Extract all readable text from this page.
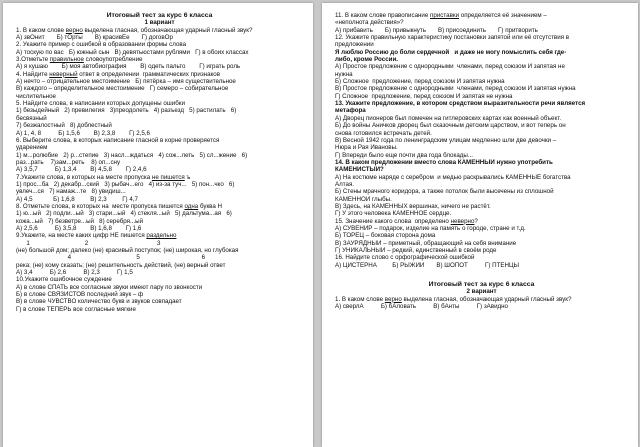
Итоговый тест за курс 6 класса

1 вариант

1. В каком слове верно выделена гласная, обозначающая ударный гласный звук?

А) звОнит       Б) тОрты       В) красивЕе       Г) договОр

2. Укажите пример с ошибкой в образовании формы слова

А) тоскую по вас   Б) южный сын   В) девятьюстами рублями   Г) в обоих классах

3.Отметьте правильное словоупотребление

А) я кушаю        Б) моя автобиография        В) одеть пальто        Г) играть роль

4. Найдите неверный ответ в определении  грамматических признаков

А) нечто – отрицательное местоимение   Б) пятёрка – имя существительное

В) каждого – определительное местоимение   Г) семеро – собирательное

числительное

5. Найдите слова, в написании которых допущены ошибки

1) безыдейный   2) превилегия   3)преодолеть   4) разъезд   5) растилать   6)

бесвязный

7) безжалостный   8) доблестный

А) 1, 4, 8          Б) 1,5,6        В) 2,3,8        Г) 2,5,6

6. Выберите слова, в которых написание гласной в корне проверяется

ударением

1) м...ролюбие   2) р...степие   3) насл...ждаться   4) сож...леть   5) сл...жение   6)

раз...рать    7)зам...реть    8) оп...сну

А) 3,5,7          Б) 1,3,4        В) 4,5,8        Г) 2,4,6

7.Укажите слова, в которых на месте пропуска не пишется ъ

1) прос...ба   2) декабр...ский   3) рыбач...его   4) из-за туч...   5) пон...чко   6)

увлеч...ся   7) намаж...те   8) увидиш...

А) 4,5            Б) 1,6,8         В) 2,3         Г) 4,7

8. Отметьте слова, в которых на  месте пропуска пишется одна буква Н

1) ю...ый   2) подли...ый   3) стари...ый   4) стекля...ый   5) дальтума...ая   6)

кожа...ый   7) безветре...ый   8) серебря...ый

А) 2,5,6          Б) 3,5,8        В) 1,6,8        Г) 1,6

9.Укажите, на месте каких цифр НЕ пишется раздельно

1                                2                                        3

(не) большой дом; далеко (не) красивый поступок; (не) широкая, но глубокая

4                                      5                                    6

река; (не) кому сказать; (не) решительность действий, (не) верный ответ

А) 3,4          Б) 2,6          В) 2,3          Г) 1,5

10.Укажите ошибочное суждение

А) в слове СПАТЬ все согласные звуки имеют пару по звонкости

Б) в слове СВЯЗИСТОВ последний звук – ф

В) в слове ЧУВСТВО количество букв и звуков совпадает

Г) в слове ТЕПЕРЬ все согласные мягкие

11. В каком слове правописание приставки определяется её значением –

«неполнота действия»?

А) прибавить       Б) привыкнуть       В) присоединить       Г) притворить

12. Укажите правильную характеристику постановки запятой или её отсутствия в

предложении

Я люблю Россию до боли сердечной   и даже не могу помыслить себя где-

либо, кроме России.

А) Простое предложение с однородными  членами, перед союзом И запятая не

нужна

Б) Сложное  предложение, перед союзом И запятая нужна

В) Простое предложение с однородными  членами, перед союзом И запятая нужна

Г) Сложное  предложение, перед союзом И запятая не нужна

13. Укажите предложение, в котором средством выразительности речи является

метафора

А) Дворец пионеров был помечен на гитлеровских картах как военный объект.

Б) До войны Аничков дворец был сказочным детским царством, и вот теперь он

снова готовился встречать детей.

В) Весной 1942 года по ленинградским улицам медленно шли две девочки –

Нюра и Рая Ивановы.

Г) Впереди было еще почти два года блокады...

14. В каком предложении вместо слова КАМЕННЫЙ нужно употребить

КАМЕНИСТЫЙ?

А) На костюме наряде с серебром  и медью раскрывались КАМЕННЫЕ богатства

Алтая.

Б) Стены мрачного коридора, а также потолок были высечены из сплошной

КАМЕННОЙ глыбы.

В) Здесь, на КАМЕННЫХ вершинах, ничего не растёт.

Г) У этого человека КАМЕННОЕ сердце.

15. Значение какого слова  определено неверно?

А) СУВЕНИР – подарок, изделие на память о городе, стране и т.д.

Б) ТОРЕЦ – боковая сторона дома

В) ЗАУРЯДНЫЙ – приметный, обращающий на себя внимание

Г) УНИКАЛЬНЫЙ – редкий, единственный в своём роде

16. Найдите слово с орфографической ошибкой

А) ЦИСТЕРНА         Б) РЫЖИЙ       В) ШОПОТ          Г) ПТЕНЦЫ

Итоговый тест за курс 6 класса

2 вариант

1. В каком слове верно выделена гласная, обозначающая ударный гласный звук?

А) сверлА          Б) бАловать          В) бАнты          Г) зАвидно
